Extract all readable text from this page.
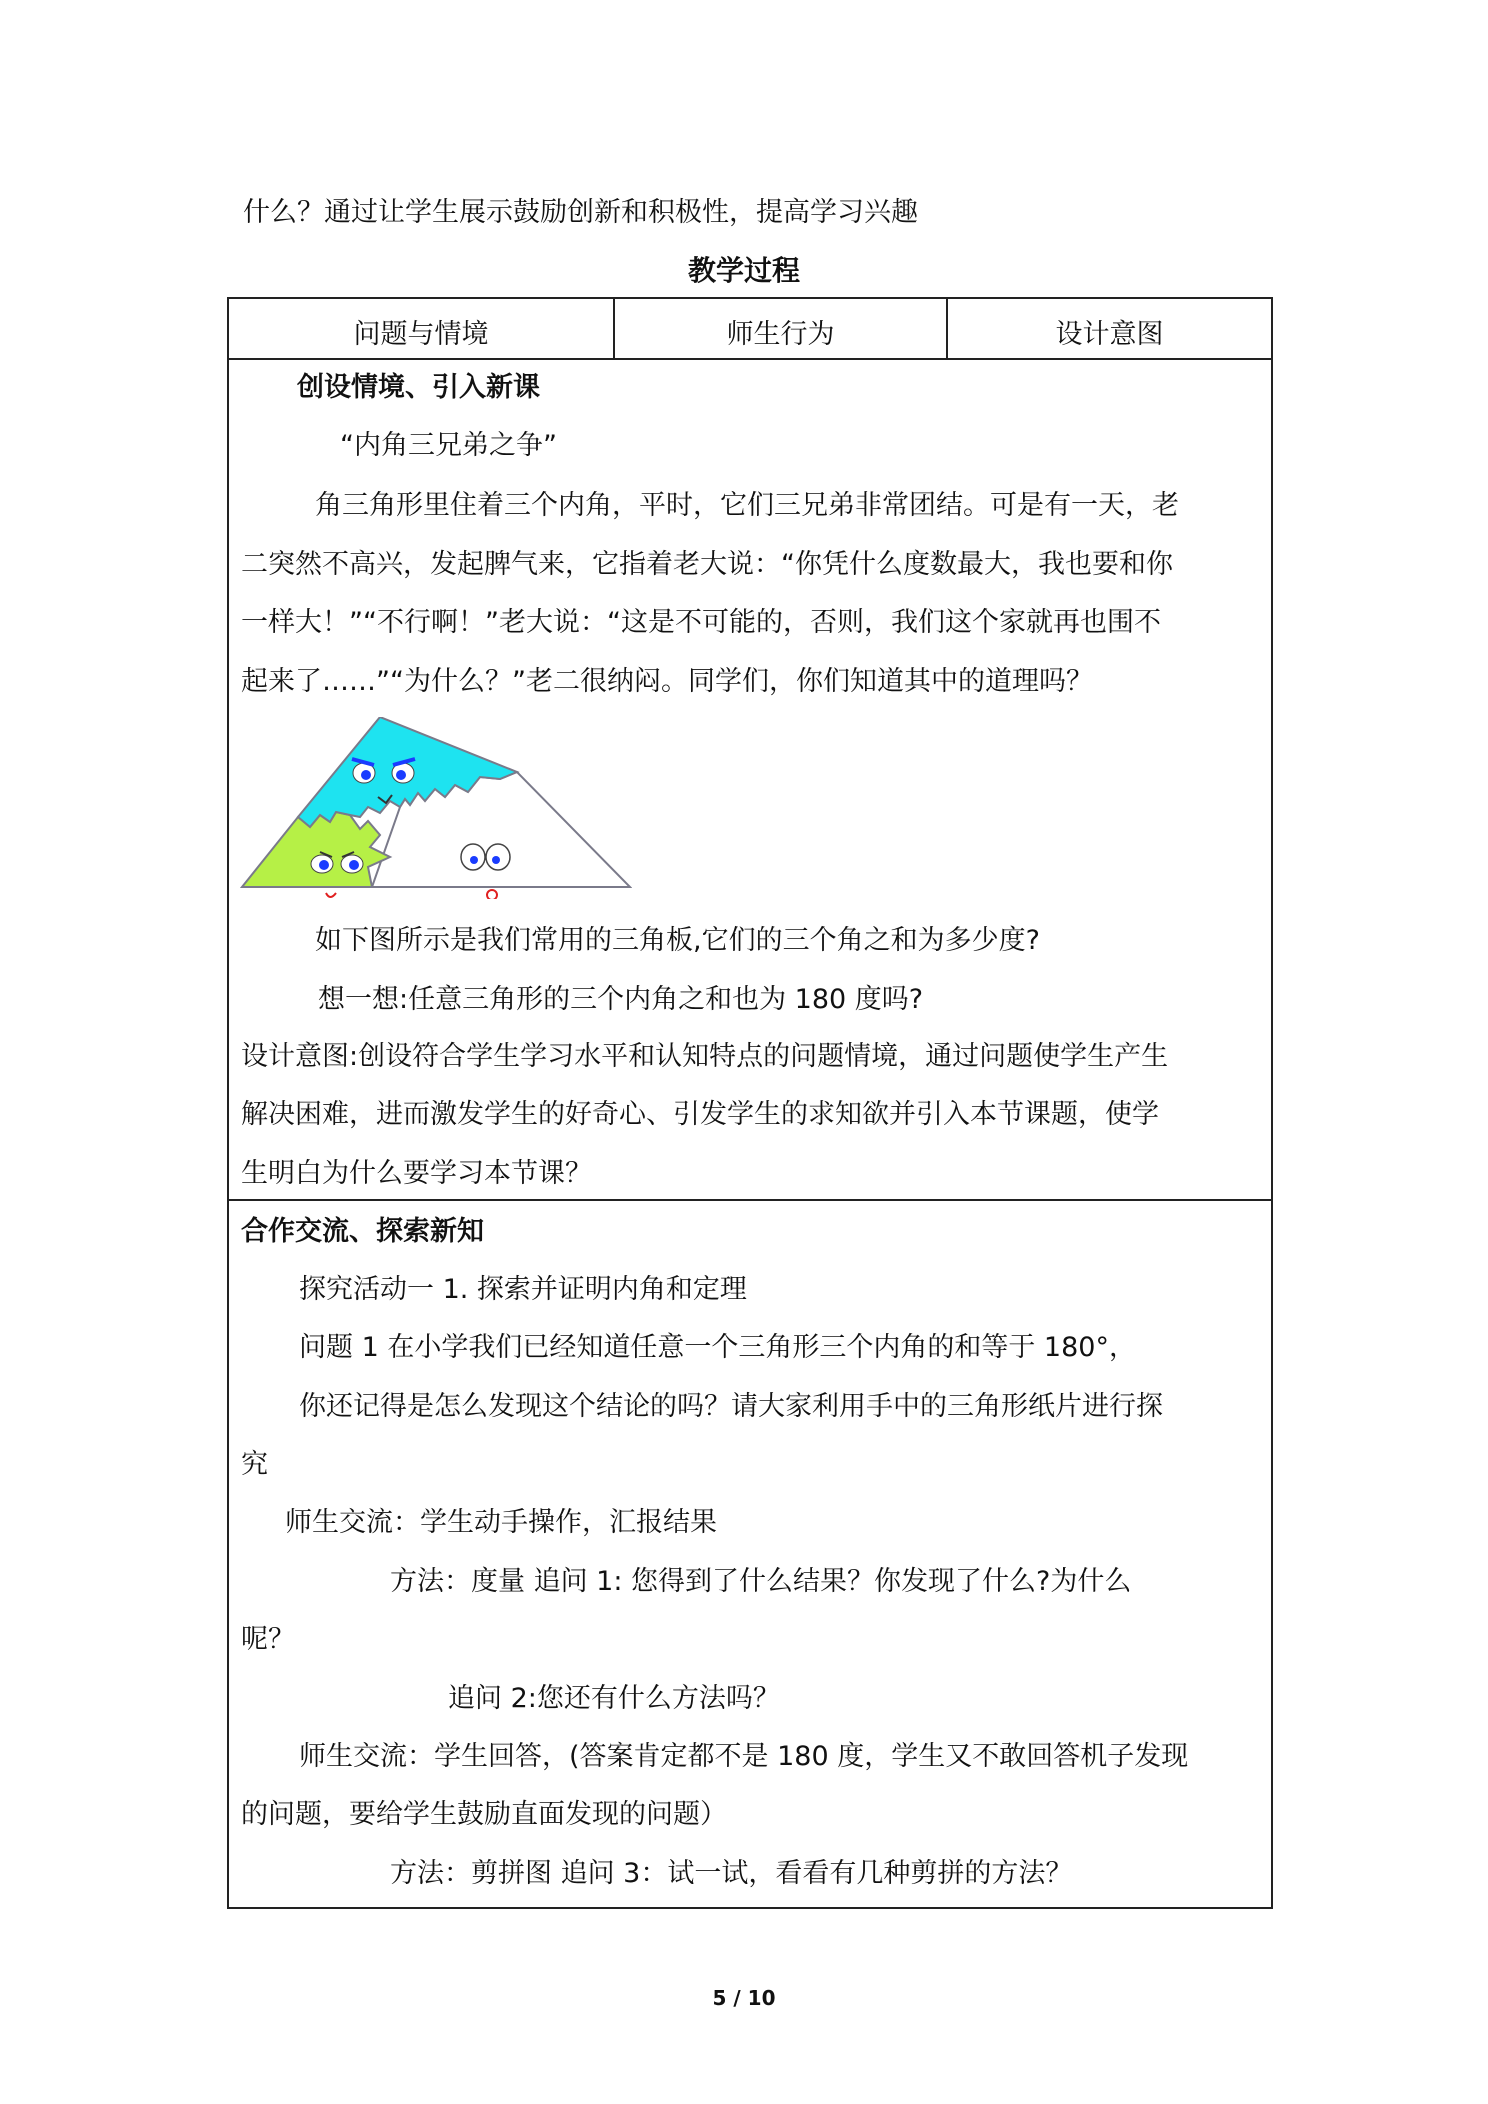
什么？通过让学生展示鼓励创新和积极性，提高学习兴趣
教学过程
问题与情境	师生行为	设计意图
创设情境、引入新课
“内角三兄弟之争”
角三角形里住着三个内角，平时，它们三兄弟非常团结。可是有一天，老
二突然不高兴，发起脾气来，它指着老大说：“你凭什么度数最大，我也要和你
一样大！”“不行啊！”老大说：“这是不可能的，否则，我们这个家就再也围不
起来了……”“为什么？”老二很纳闷。同学们，你们知道其中的道理吗？
如下图所示是我们常用的三角板,它们的三个角之和为多少度?
想一想:任意三角形的三个内角之和也为 180 度吗?
设计意图:创设符合学生学习水平和认知特点的问题情境，通过问题使学生产生
解决困难，进而激发学生的好奇心、引发学生的求知欲并引入本节课题，使学
生明白为什么要学习本节课？
合作交流、探索新知
探究活动一 1. 探索并证明内角和定理
问题 1 在小学我们已经知道任意一个三角形三个内角的和等于 180°，
你还记得是怎么发现这个结论的吗？请大家利用手中的三角形纸片进行探
究
师生交流：学生动手操作，汇报结果
方法：度量 追问 1: 您得到了什么结果？你发现了什么?为什么
呢？
追问 2:您还有什么方法吗？
师生交流：学生回答，(答案肯定都不是 180 度，学生又不敢回答机子发现
的问题，要给学生鼓励直面发现的问题）
方法：剪拼图 追问 3：试一试，看看有几种剪拼的方法？
5 / 10
